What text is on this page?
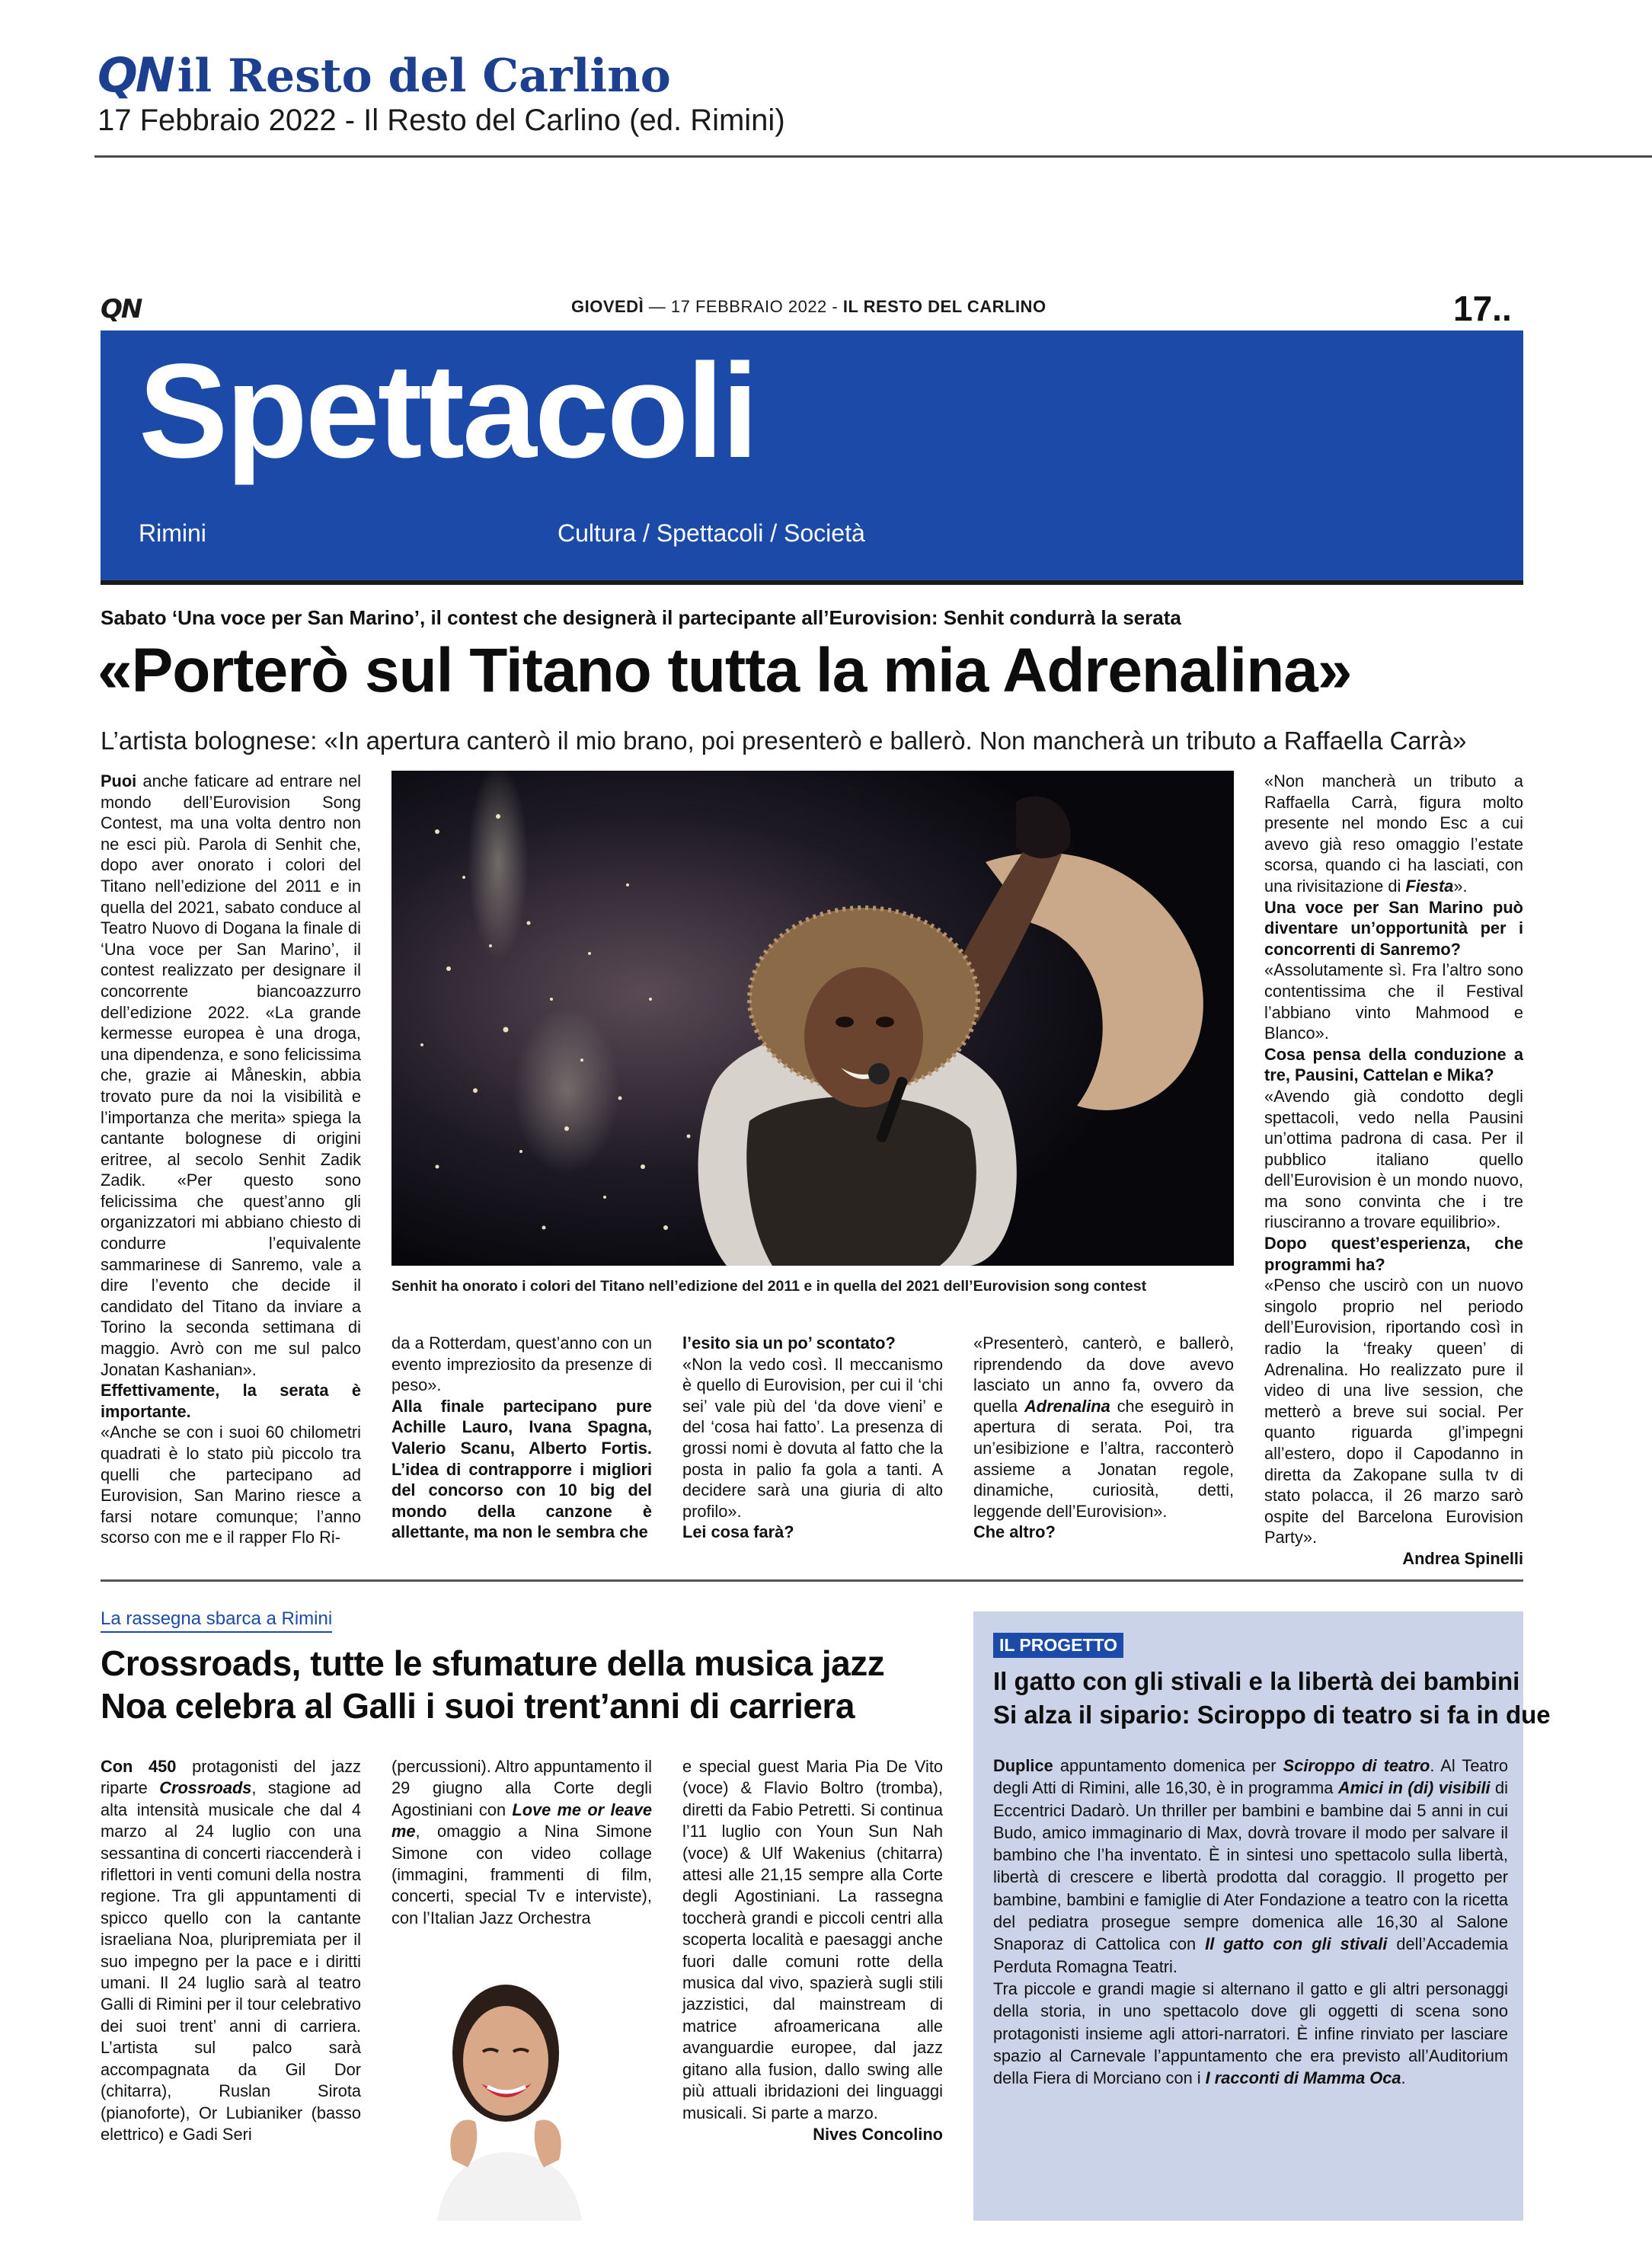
QN il Resto del Carlino
17 Febbraio 2022 - Il Resto del Carlino (ed. Rimini)
QN	GIOVEDÌ — 17 FEBBRAIO 2022 - IL RESTO DEL CARLINO	17..
Spettacoli
Rimini	Cultura / Spettacoli / Società
Sabato ‘Una voce per San Marino’, il contest che designerà il partecipante all’Eurovision: Senhit condurrà la serata
«Porterò sul Titano tutta la mia Adrenalina»
L’artista bolognese: «In apertura canterò il mio brano, poi presenterò e ballerò. Non mancherà un tributo a Raffaella Carrà»

Puoi anche faticare ad entrare nel mondo dell’Eurovision Song Contest, ma una volta dentro non ne esci più. Parola di Senhit che, dopo aver onorato i colori del Titano nell’edizione del 2011 e in quella del 2021, sabato conduce al Teatro Nuovo di Dogana la finale di ‘Una voce per San Marino’, il contest realizzato per designare il concorrente biancoazzurro dell’edizione 2022. «La grande kermesse europea è una droga, una dipendenza, e sono felicissima che, grazie ai Måneskin, abbia trovato pure da noi la visibilità e l’importanza che merita» spiega la cantante bolognese di origini eritree, al secolo Senhit Zadik Zadik. «Per questo sono felicissima che quest’anno gli organizzatori mi abbiano chiesto di condurre l’equivalente sammarinese di Sanremo, vale a dire l’evento che decide il candidato del Titano da inviare a Torino la seconda settimana di maggio. Avrò con me sul palco Jonatan Kashanian».

Effettivamente, la serata è importante.

«Anche se con i suoi 60 chilometri quadrati è lo stato più piccolo tra quelli che partecipano ad Eurovision, San Marino riesce a farsi notare comunque; l’anno scorso con me e il rapper Flo Ri-

Senhit ha onorato i colori del Titano nell’edizione del 2011 e in quella del 2021 dell’Eurovision song contest

da a Rotterdam, quest’anno con un evento impreziosito da presenze di peso».

Alla finale partecipano pure Achille Lauro, Ivana Spagna, Valerio Scanu, Alberto Fortis. L’idea di contrapporre i migliori del concorso con 10 big del mondo della canzone è allettante, ma non le sembra che

l’esito sia un po’ scontato?

«Non la vedo così. Il meccanismo è quello di Eurovision, per cui il ‘chi sei’ vale più del ‘da dove vieni’ e del ‘cosa hai fatto’. La presenza di grossi nomi è dovuta al fatto che la posta in palio fa gola a tanti. A decidere sarà una giuria di alto profilo».

Lei cosa farà?

«Presenterò, canterò, e ballerò, riprendendo da dove avevo lasciato un anno fa, ovvero da quella Adrenalina che eseguirò in apertura di serata. Poi, tra un’esibizione e l’altra, racconterò assieme a Jonatan regole, dinamiche, curiosità, detti, leggende dell’Eurovision».

Che altro?

«Non mancherà un tributo a Raffaella Carrà, figura molto presente nel mondo Esc a cui avevo già reso omaggio l’estate scorsa, quando ci ha lasciati, con una rivisitazione di Fiesta».

Una voce per San Marino può diventare un’opportunità per i concorrenti di Sanremo?

«Assolutamente sì. Fra l’altro sono contentissima che il Festival l’abbiano vinto Mahmood e Blanco».

Cosa pensa della conduzione a tre, Pausini, Cattelan e Mika?

«Avendo già condotto degli spettacoli, vedo nella Pausini un’ottima padrona di casa. Per il pubblico italiano quello dell’Eurovision è un mondo nuovo, ma sono convinta che i tre riusciranno a trovare equilibrio».

Dopo quest’esperienza, che programmi ha?

«Penso che uscirò con un nuovo singolo proprio nel periodo dell’Eurovision, riportando così in radio la ‘freaky queen’ di Adrenalina. Ho realizzato pure il video di una live session, che metterò a breve sui social. Per quanto riguarda gl’impegni all’estero, dopo il Capodanno in diretta da Zakopane sulla tv di stato polacca, il 26 marzo sarò ospite del Barcelona Eurovision Party».

Andrea Spinelli

La rassegna sbarca a Rimini
Crossroads, tutte le sfumature della musica jazz
Noa celebra al Galli i suoi trent’anni di carriera
Con 450 protagonisti del jazz riparte Crossroads, stagione ad alta intensità musicale che dal 4 marzo al 24 luglio con una sessantina di concerti riaccenderà i riflettori in venti comuni della nostra regione. Tra gli appuntamenti di spicco quello con la cantante israeliana Noa, pluripremiata per il suo impegno per la pace e i diritti umani. Il 24 luglio sarà al teatro Galli di Rimini per il tour celebrativo dei suoi trent’ anni di carriera. L’artista sul palco sarà accompagnata da Gil Dor (chitarra), Ruslan Sirota (pianoforte), Or Lubianiker (basso elettrico) e Gadi Seri
(percussioni). Altro appuntamento il 29 giugno alla Corte degli Agostiniani con Love me or leave me, omaggio a Nina Simone Simone con video collage (immagini, frammenti di film, concerti, special Tv e interviste), con l’Italian Jazz Orchestra

e special guest Maria Pia De Vito (voce) & Flavio Boltro (tromba), diretti da Fabio Petretti. Si continua l’11 luglio con Youn Sun Nah (voce) & Ulf Wakenius (chitarra) attesi alle 21,15 sempre alla Corte degli Agostiniani. La rassegna toccherà grandi e piccoli centri alla scoperta località e paesaggi anche fuori dalle comuni rotte della musica dal vivo, spazierà sugli stili jazzistici, dal mainstream di matrice afroamericana alle avanguardie europee, dal jazz gitano alla fusion, dallo swing alle più attuali ibridazioni dei linguaggi musicali. Si parte a marzo.

Nives Concolino

IL PROGETTO
Il gatto con gli stivali e la libertà dei bambini
Si alza il sipario: Sciroppo di teatro si fa in due

Duplice appuntamento domenica per Sciroppo di teatro. Al Teatro degli Atti di Rimini, alle 16,30, è in programma Amici in (di) visibili di Eccentrici Dadarò. Un thriller per bambini e bambine dai 5 anni in cui Budo, amico immaginario di Max, dovrà trovare il modo per salvare il bambino che l’ha inventato. È in sintesi uno spettacolo sulla libertà, libertà di crescere e libertà prodotta dal coraggio. Il progetto per bambine, bambini e famiglie di Ater Fondazione a teatro con la ricetta del pediatra prosegue sempre domenica alle 16,30 al Salone Snaporaz di Cattolica con Il gatto con gli stivali dell’Accademia Perduta Romagna Teatri.

Tra piccole e grandi magie si alternano il gatto e gli altri personaggi della storia, in uno spettacolo dove gli oggetti di scena sono protagonisti insieme agli attori-narratori. È infine rinviato per lasciare spazio al Carnevale l’appuntamento che era previsto all’Auditorium della Fiera di Morciano con i I racconti di Mamma Oca.
